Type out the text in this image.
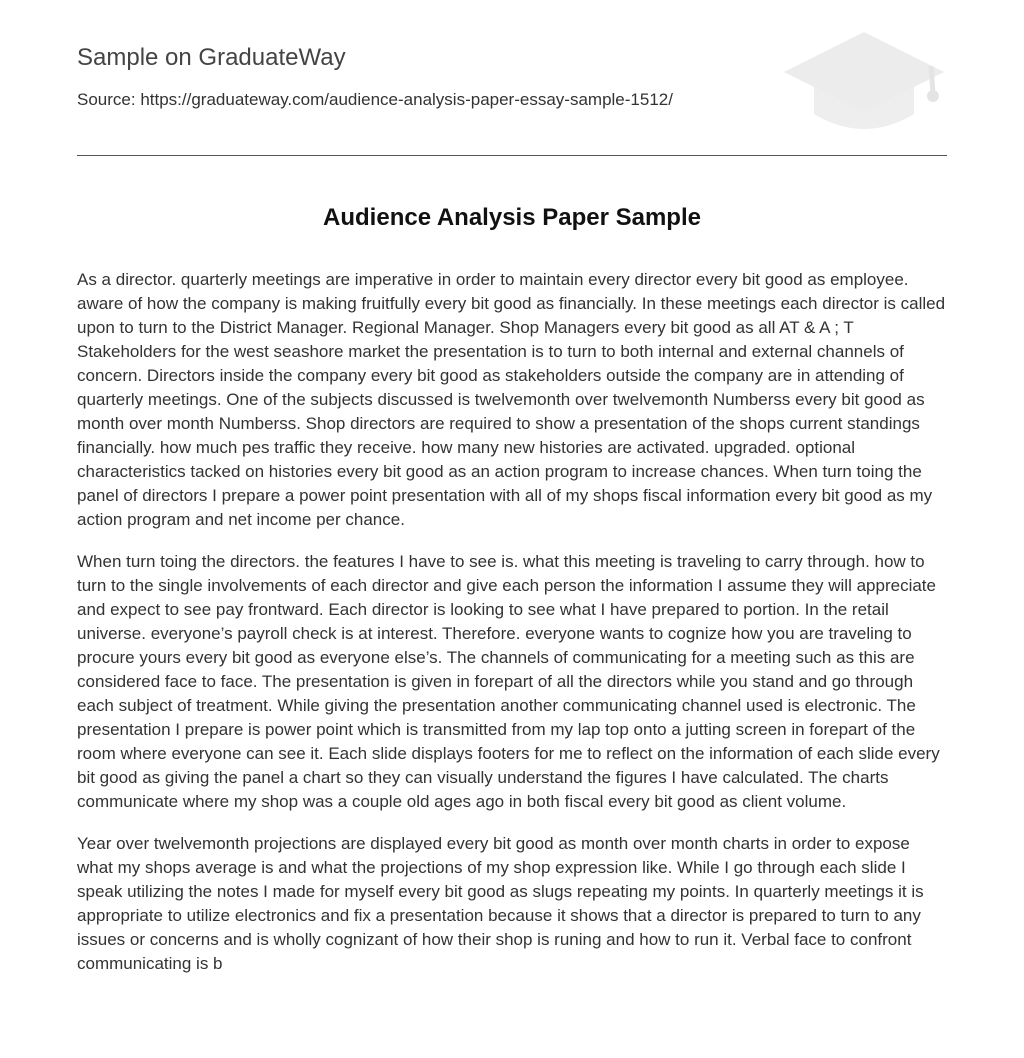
Sample on GraduateWay
Source: https://graduateway.com/audience-analysis-paper-essay-sample-1512/
Audience Analysis Paper Sample

As a director. quarterly meetings are imperative in order to maintain every director every bit good as employee. aware of how the company is making fruitfully every bit good as financially. In these meetings each director is called upon to turn to the District Manager. Regional Manager. Shop Managers every bit good as all AT & A ; T Stakeholders for the west seashore market the presentation is to turn to both internal and external channels of concern. Directors inside the company every bit good as stakeholders outside the company are in attending of quarterly meetings. One of the subjects discussed is twelvemonth over twelvemonth Numberss every bit good as month over month Numberss. Shop directors are required to show a presentation of the shops current standings financially. how much pes traffic they receive. how many new histories are activated. upgraded. optional characteristics tacked on histories every bit good as an action program to increase chances. When turn toing the panel of directors I prepare a power point presentation with all of my shops fiscal information every bit good as my action program and net income per chance.

When turn toing the directors. the features I have to see is. what this meeting is traveling to carry through. how to turn to the single involvements of each director and give each person the information I assume they will appreciate and expect to see pay frontward. Each director is looking to see what I have prepared to portion. In the retail universe. everyone’s payroll check is at interest. Therefore. everyone wants to cognize how you are traveling to procure yours every bit good as everyone else’s. The channels of communicating for a meeting such as this are considered face to face. The presentation is given in forepart of all the directors while you stand and go through each subject of treatment. While giving the presentation another communicating channel used is electronic. The presentation I prepare is power point which is transmitted from my lap top onto a jutting screen in forepart of the room where everyone can see it. Each slide displays footers for me to reflect on the information of each slide every bit good as giving the panel a chart so they can visually understand the figures I have calculated. The charts communicate where my shop was a couple old ages ago in both fiscal every bit good as client volume.

Year over twelvemonth projections are displayed every bit good as month over month charts in order to expose what my shops average is and what the projections of my shop expression like. While I go through each slide I speak utilizing the notes I made for myself every bit good as slugs repeating my points. In quarterly meetings it is appropriate to utilize electronics and fix a presentation because it shows that a director is prepared to turn to any issues or concerns and is wholly cognizant of how their shop is runing and how to run it. Verbal face to confront communicating is b
